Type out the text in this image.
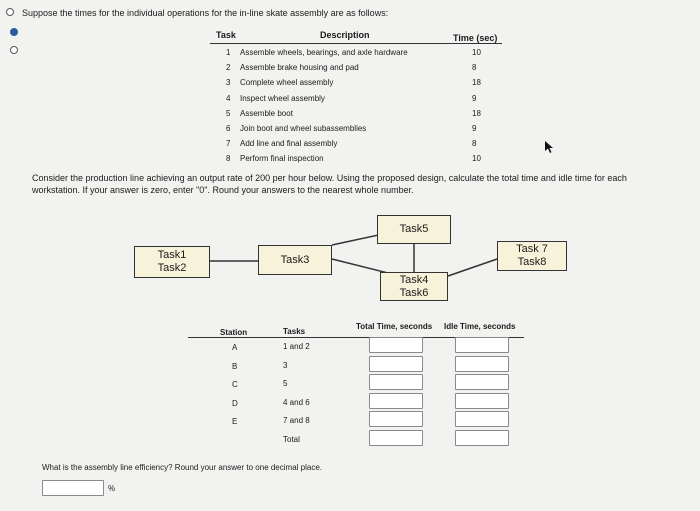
Suppose the times for the individual operations for the in-line skate assembly are as follows:
Task	Description	Time (sec)
1 Assemble wheels, bearings, and axle hardware	10
2 Assemble brake housing and pad	8
3 Complete wheel assembly	18
4 Inspect wheel assembly	9
5 Assemble boot	18
6 Join boot and wheel subassemblies	9
7 Add line and final assembly	8
8 Perform final inspection	10
Consider the production line achieving an output rate of 200 per hour below. Using the proposed design, calculate the total time and idle time for each workstation. If your answer is zero, enter "0". Round your answers to the nearest whole number.
Task1
Task2
Task3
Task5
Task4
Task6
Task 7
Task8
Station	Tasks
Total Time, seconds Idle Time, seconds
A	1 and 2
B	3
C	5
D	4 and 6
E	7 and 8
Total
What is the assembly line efficiency? Round your answer to one decimal place.
%
